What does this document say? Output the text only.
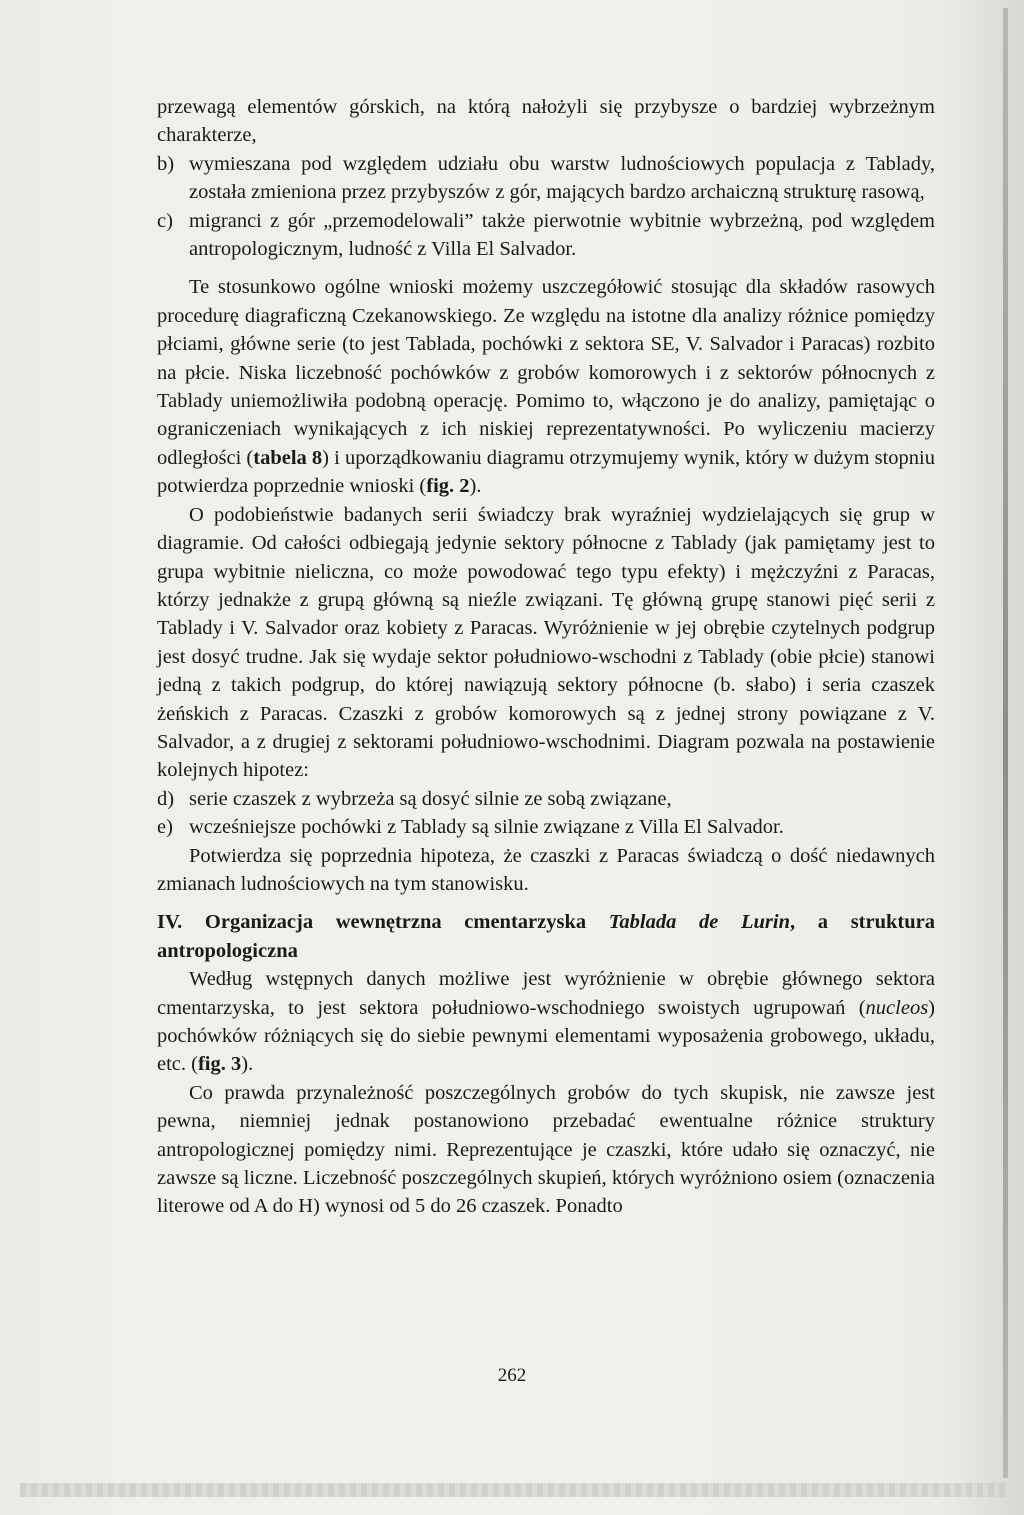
przewagą elementów górskich, na którą nałożyli się przybysze o bardziej wybrzeżnym charakterze,

b) wymieszana pod względem udziału obu warstw ludnościowych populacja z Tablady, została zmieniona przez przybyszów z gór, mających bardzo archaiczną strukturę rasową,

c) migranci z gór „przemodelowali” także pierwotnie wybitnie wybrzeżną, pod względem antropologicznym, ludność z Villa El Salvador.

Te stosunkowo ogólne wnioski możemy uszczegółowić stosując dla składów rasowych procedurę diagraficzną Czekanowskiego. Ze względu na istotne dla analizy różnice pomiędzy płciami, główne serie (to jest Tablada, pochówki z sektora SE, V. Salvador i Paracas) rozbito na płcie. Niska liczebność pochówków z grobów komorowych i z sektorów północnych z Tablady uniemożliwiła podobną operację. Pomimo to, włączono je do analizy, pamiętając o ograniczeniach wynikających z ich niskiej reprezentatywności. Po wyliczeniu macierzy odległości (tabela 8) i uporządkowaniu diagramu otrzymujemy wynik, który w dużym stopniu potwierdza poprzednie wnioski (fig. 2).

O podobieństwie badanych serii świadczy brak wyraźniej wydzielających się grup w diagramie. Od całości odbiegają jedynie sektory północne z Tablady (jak pamiętamy jest to grupa wybitnie nieliczna, co może powodować tego typu efekty) i mężczyźni z Paracas, którzy jednakże z grupą główną są nieźle związani. Tę główną grupę stanowi pięć serii z Tablady i V. Salvador oraz kobiety z Paracas. Wyróżnienie w jej obrębie czytelnych podgrup jest dosyć trudne. Jak się wydaje sektor południowo-wschodni z Tablady (obie płcie) stanowi jedną z takich podgrup, do której nawiązują sektory północne (b. słabo) i seria czaszek żeńskich z Paracas. Czaszki z grobów komorowych są z jednej strony powiązane z V. Salvador, a z drugiej z sektorami południowo-wschodnimi. Diagram pozwala na postawienie kolejnych hipotez:

d) serie czaszek z wybrzeża są dosyć silnie ze sobą związane,

e) wcześniejsze pochówki z Tablady są silnie związane z Villa El Salvador.

Potwierdza się poprzednia hipoteza, że czaszki z Paracas świadczą o dość niedawnych zmianach ludnościowych na tym stanowisku.

IV. Organizacja wewnętrzna cmentarzyska Tablada de Lurin, a struktura antropologiczna

Według wstępnych danych możliwe jest wyróżnienie w obrębie głównego sektora cmentarzyska, to jest sektora południowo-wschodniego swoistych ugrupowań (nucleos) pochówków różniących się do siebie pewnymi elementami wyposażenia grobowego, układu, etc. (fig. 3).

Co prawda przynależność poszczególnych grobów do tych skupisk, nie zawsze jest pewna, niemniej jednak postanowiono przebadać ewentualne różnice struktury antropologicznej pomiędzy nimi. Reprezentujące je czaszki, które udało się oznaczyć, nie zawsze są liczne. Liczebność poszczególnych skupień, których wyróżniono osiem (oznaczenia literowe od A do H) wynosi od 5 do 26 czaszek. Ponadto

262
